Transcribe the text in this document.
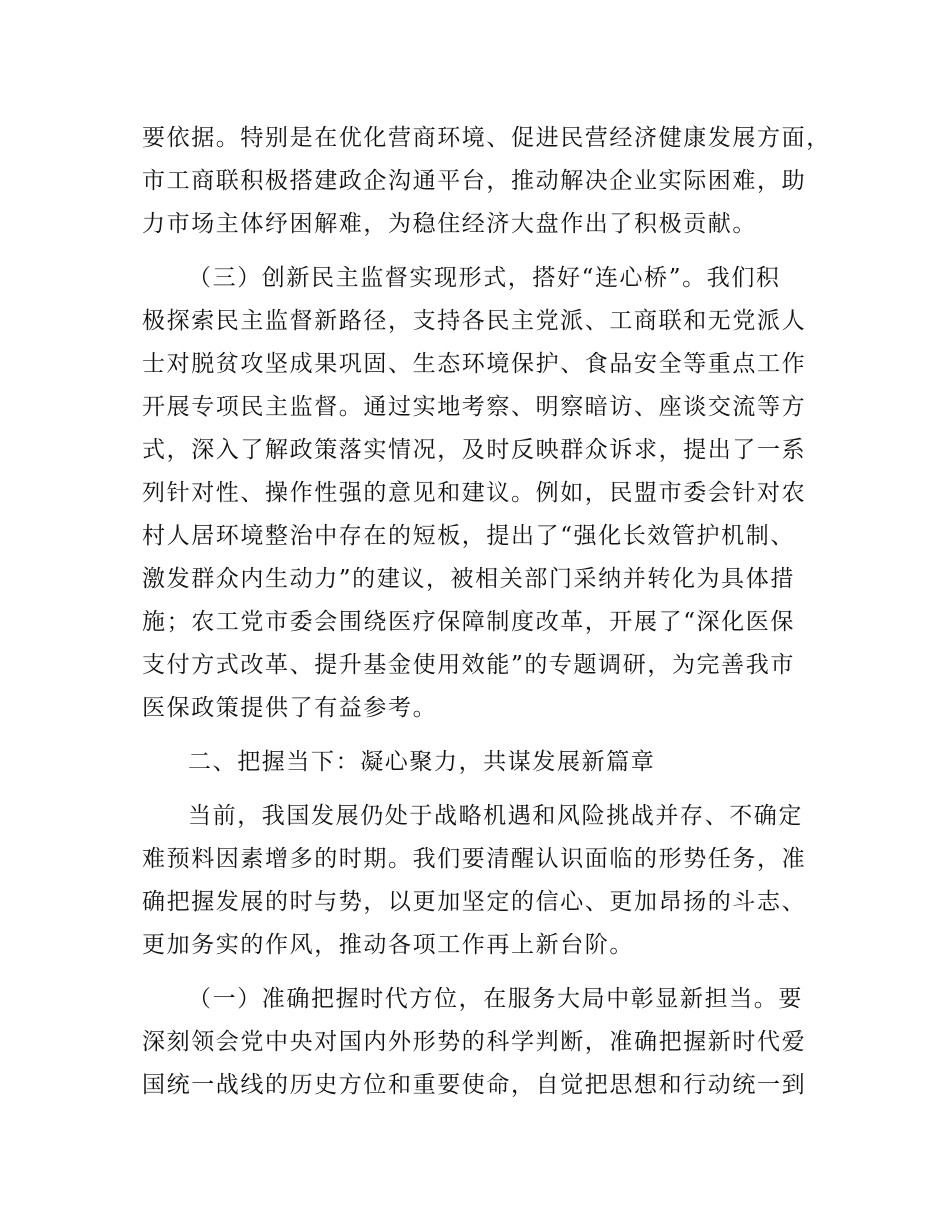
要依据。特别是在优化营商环境、促进民营经济健康发展方面，
市工商联积极搭建政企沟通平台，推动解决企业实际困难，助
力市场主体纾困解难，为稳住经济大盘作出了积极贡献。
（三）创新民主监督实现形式，搭好“连心桥”。我们积
极探索民主监督新路径，支持各民主党派、工商联和无党派人
士对脱贫攻坚成果巩固、生态环境保护、食品安全等重点工作
开展专项民主监督。通过实地考察、明察暗访、座谈交流等方
式，深入了解政策落实情况，及时反映群众诉求，提出了一系
列针对性、操作性强的意见和建议。例如，民盟市委会针对农
村人居环境整治中存在的短板，提出了“强化长效管护机制、
激发群众内生动力”的建议，被相关部门采纳并转化为具体措
施；农工党市委会围绕医疗保障制度改革，开展了“深化医保
支付方式改革、提升基金使用效能”的专题调研，为完善我市
医保政策提供了有益参考。
二、把握当下：凝心聚力，共谋发展新篇章
当前，我国发展仍处于战略机遇和风险挑战并存、不确定
难预料因素增多的时期。我们要清醒认识面临的形势任务，准
确把握发展的时与势，以更加坚定的信心、更加昂扬的斗志、
更加务实的作风，推动各项工作再上新台阶。
（一）准确把握时代方位，在服务大局中彰显新担当。要
深刻领会党中央对国内外形势的科学判断，准确把握新时代爱
国统一战线的历史方位和重要使命，自觉把思想和行动统一到
